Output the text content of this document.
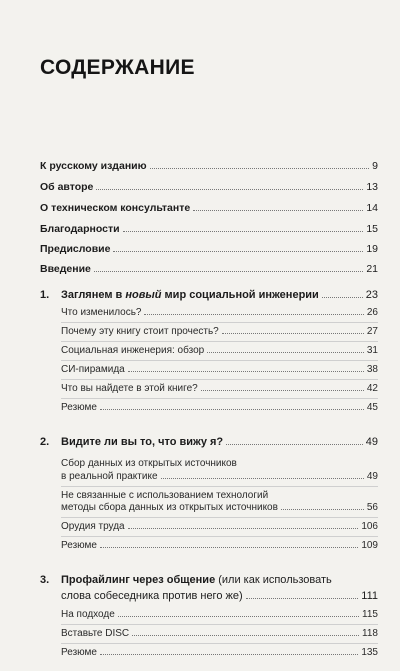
СОДЕРЖАНИЕ
К русскому изданию	9
Об авторе	13
О техническом консультанте	14
Благодарности	15
Предисловие	19
Введение	21
1. Заглянем в новый мир социальной инженерии	23
Что изменилось?	26
Почему эту книгу стоит прочесть?	27
Социальная инженерия: обзор	31
СИ-пирамида	38
Что вы найдете в этой книге?	42
Резюме	45
2. Видите ли вы то, что вижу я?	49
Сбор данных из открытых источников
в реальной практике	49
Не связанные с использованием технологий
методы сбора данных из открытых источников	56
Орудия труда	106
Резюме	109
3. Профайлинг через общение (или как использовать
слова собеседника против него же)	111
На подходе	115
Вставьте DISC	118
Резюме	135
